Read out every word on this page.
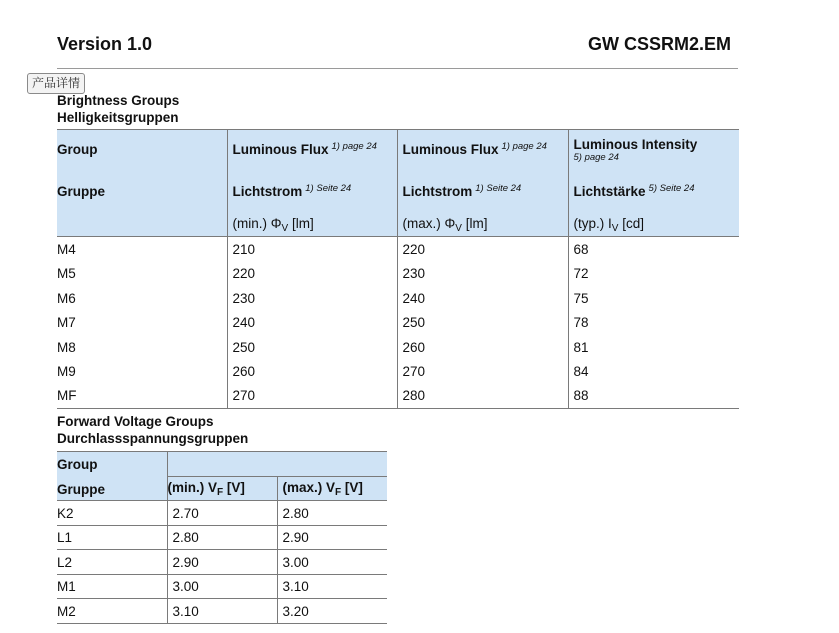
Version 1.0	GW CSSRM2.EM
产品详情
Brightness Groups
Helligkeitsgruppen
Group	Luminous Flux $^{1) page 24}$	Luminous Flux $^{1) page 24}$	Luminous Intensity
5) page 24

Gruppe	Lichtstrom $^{1) Seite 24}$	Lichtstrom $^{1) Seite 24}$	Lichtstärke $^{5) Seite 24}$
	(min.) $\Phi_V$ [lm]	(max.) $\Phi_V$ [lm]	(typ.) $I_V$ [cd]
M4	210	220	68
M5	220	230	72
M6	230	240	75
M7	240	250	78
M8	250	260	81
M9	260	270	84
MF	270	280	88
Forward Voltage Groups
Durchlassspannungsgruppen
Group
Gruppe		

	(min.) $V_F$ [V]	(max.) $V_F$ [V]
K2	2.70	2.80
L1	2.80	2.90
L2	2.90	3.00
M1	3.00	3.10
M2	3.10	3.20
